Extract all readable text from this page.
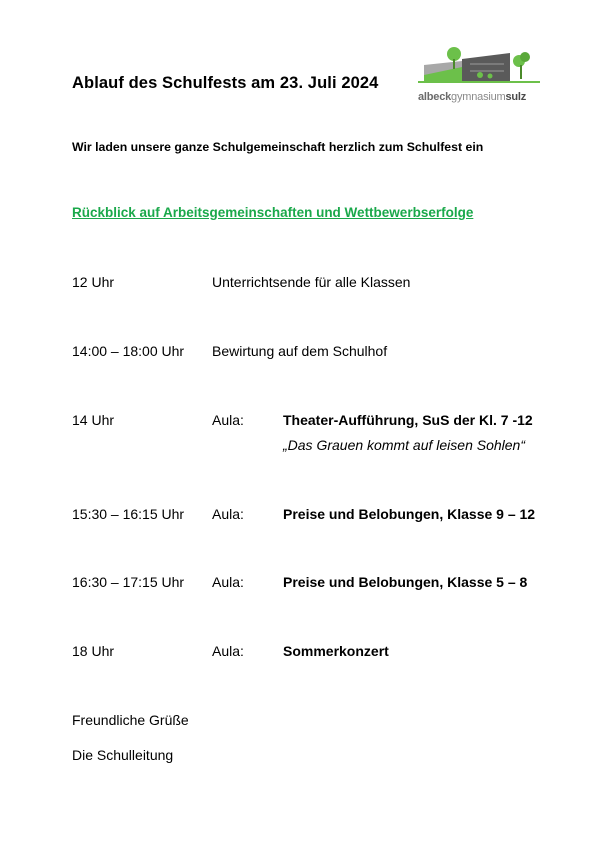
Ablauf des Schulfests am 23. Juli 2024
albeckgymnasiumsulz
Wir laden unsere ganze Schulgemeinschaft herzlich zum Schulfest ein
Rückblick auf Arbeitsgemeinschaften und Wettbewerbserfolge
12 Uhr	Unterrichtsende für alle Klassen
14:00 – 18:00 Uhr Bewirtung auf dem Schulhof
14 Uhr	Aula:	Theater-Aufführung, SuS der Kl. 7 -12
„Das Grauen kommt auf leisen Sohlen“
15:30 – 16:15 Uhr Aula:	Preise und Belobungen, Klasse 9 – 12
16:30 – 17:15 Uhr Aula:	Preise und Belobungen, Klasse 5 – 8
18 Uhr	Aula:	Sommerkonzert
Freundliche Grüße
Die Schulleitung
